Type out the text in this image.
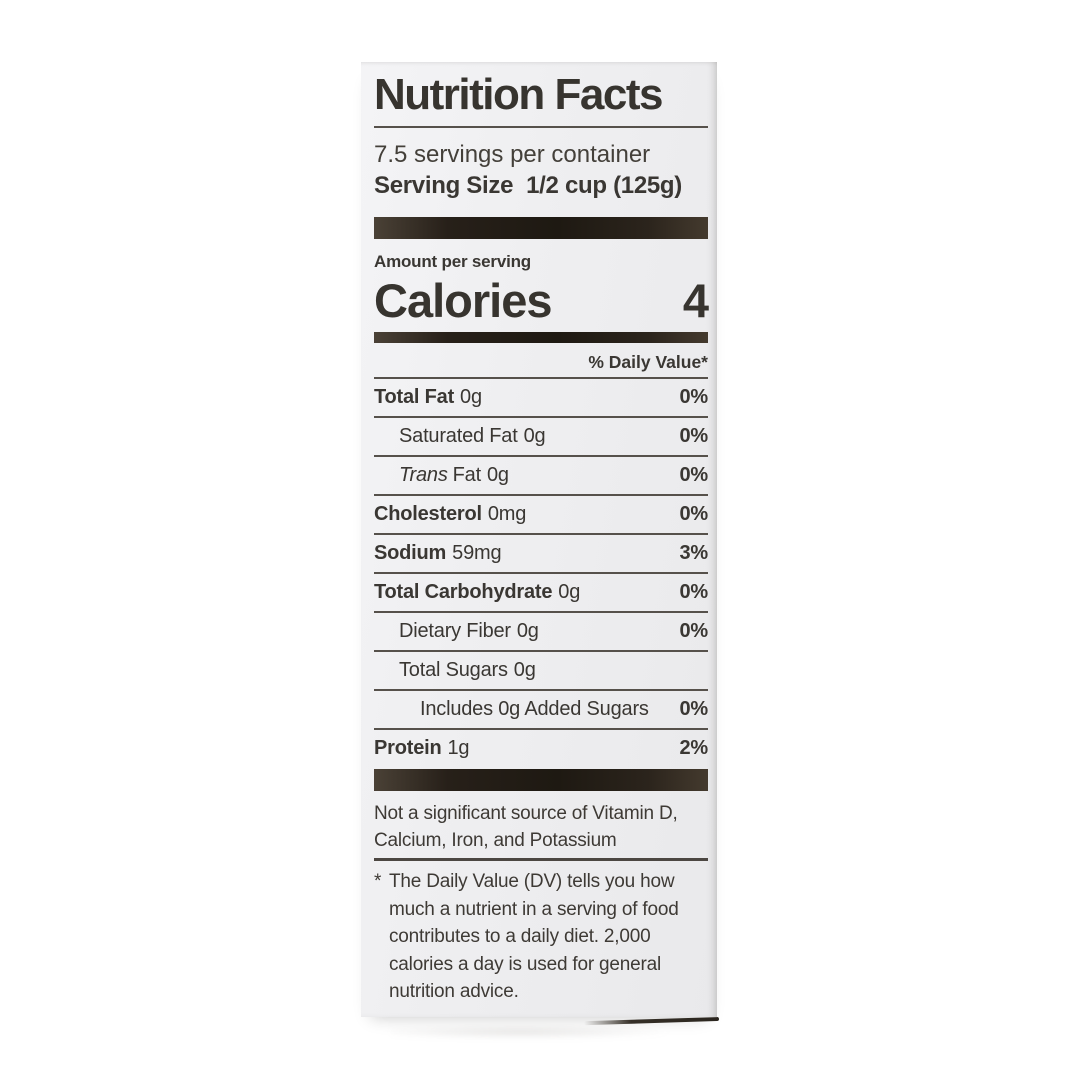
Nutrition Facts
7.5 servings per container
Serving Size 1/2 cup (125g)
Amount per serving
Calories	4
% Daily Value*
Total Fat 0g	0%
Saturated Fat 0g	0%
Trans Fat 0g	0%
Cholesterol 0mg	0%
Sodium 59mg	3%
Total Carbohydrate 0g	0%
Dietary Fiber 0g	0%
Total Sugars 0g
Includes 0g Added Sugars 0%
Protein 1g	2%
Not a significant source of Vitamin D, Calcium, Iron, and Potassium
* The Daily Value (DV) tells you how much a nutrient in a serving of food contributes to a daily diet. 2,000 calories a day is used for general nutrition advice.
